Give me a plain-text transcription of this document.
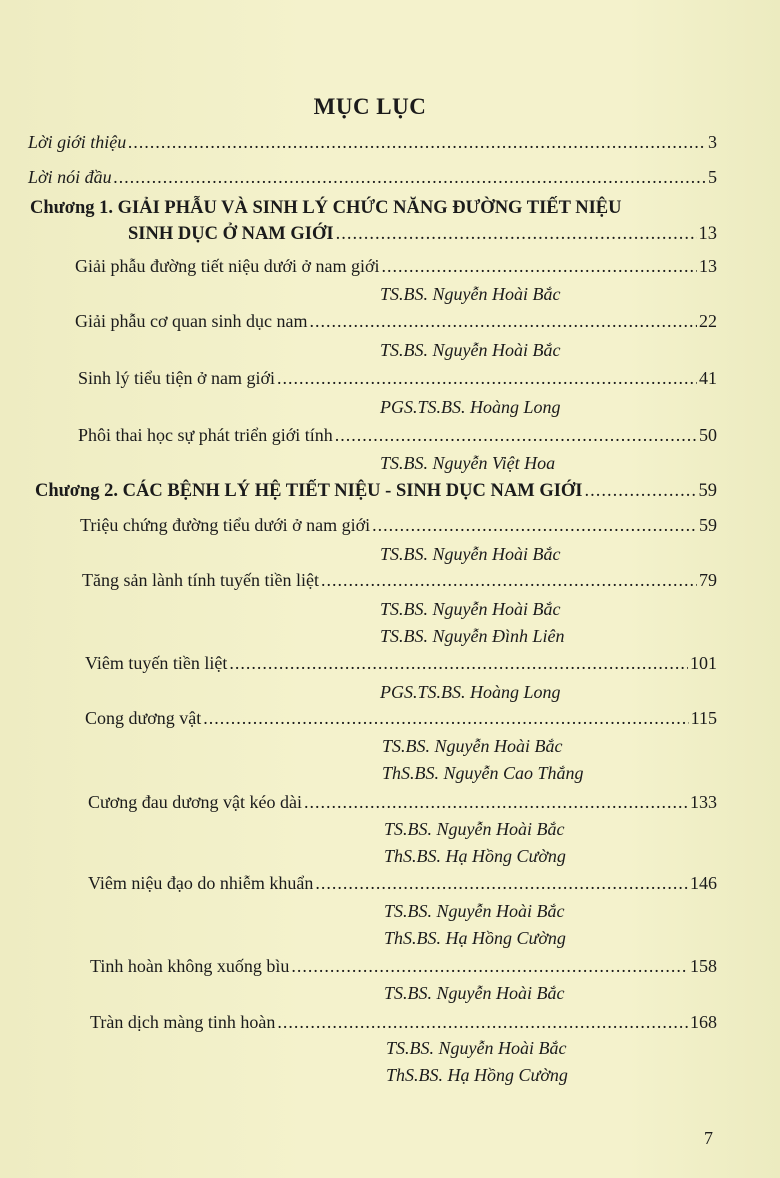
MỤC LỤC
Lời giới thiệu .....	3
Lời nói đầu .....	5
Chương 1. GIẢI PHẪU VÀ SINH LÝ CHỨC NĂNG ĐƯỜNG TIẾT NIỆU
SINH DỤC Ở NAM GIỚI .....	13
Giải phẫu đường tiết niệu dưới ở nam giới .....	13
TS.BS. Nguyễn Hoài Bắc
Giải phẫu cơ quan sinh dục nam .....	22
TS.BS. Nguyễn Hoài Bắc
Sinh lý tiểu tiện ở nam giới .....	41
PGS.TS.BS. Hoàng Long
Phôi thai học sự phát triển giới tính .....	50
TS.BS. Nguyễn Việt Hoa
Chương 2. CÁC BỆNH LÝ HỆ TIẾT NIỆU - SINH DỤC NAM GIỚI .....	59
Triệu chứng đường tiểu dưới ở nam giới .....	59
TS.BS. Nguyễn Hoài Bắc
Tăng sản lành tính tuyến tiền liệt .....	79
TS.BS. Nguyễn Hoài Bắc
TS.BS. Nguyễn Đình Liên
Viêm tuyến tiền liệt .....	101
PGS.TS.BS. Hoàng Long
Cong dương vật .....	115
TS.BS. Nguyễn Hoài Bắc
ThS.BS. Nguyễn Cao Thắng
Cương đau dương vật kéo dài .....	133
TS.BS. Nguyễn Hoài Bắc
ThS.BS. Hạ Hồng Cường
Viêm niệu đạo do nhiễm khuẩn .....	146
TS.BS. Nguyễn Hoài Bắc
ThS.BS. Hạ Hồng Cường
Tinh hoàn không xuống bìu .....	158
TS.BS. Nguyễn Hoài Bắc
Tràn dịch màng tinh hoàn .....	168
TS.BS. Nguyễn Hoài Bắc
ThS.BS. Hạ Hồng Cường
7
